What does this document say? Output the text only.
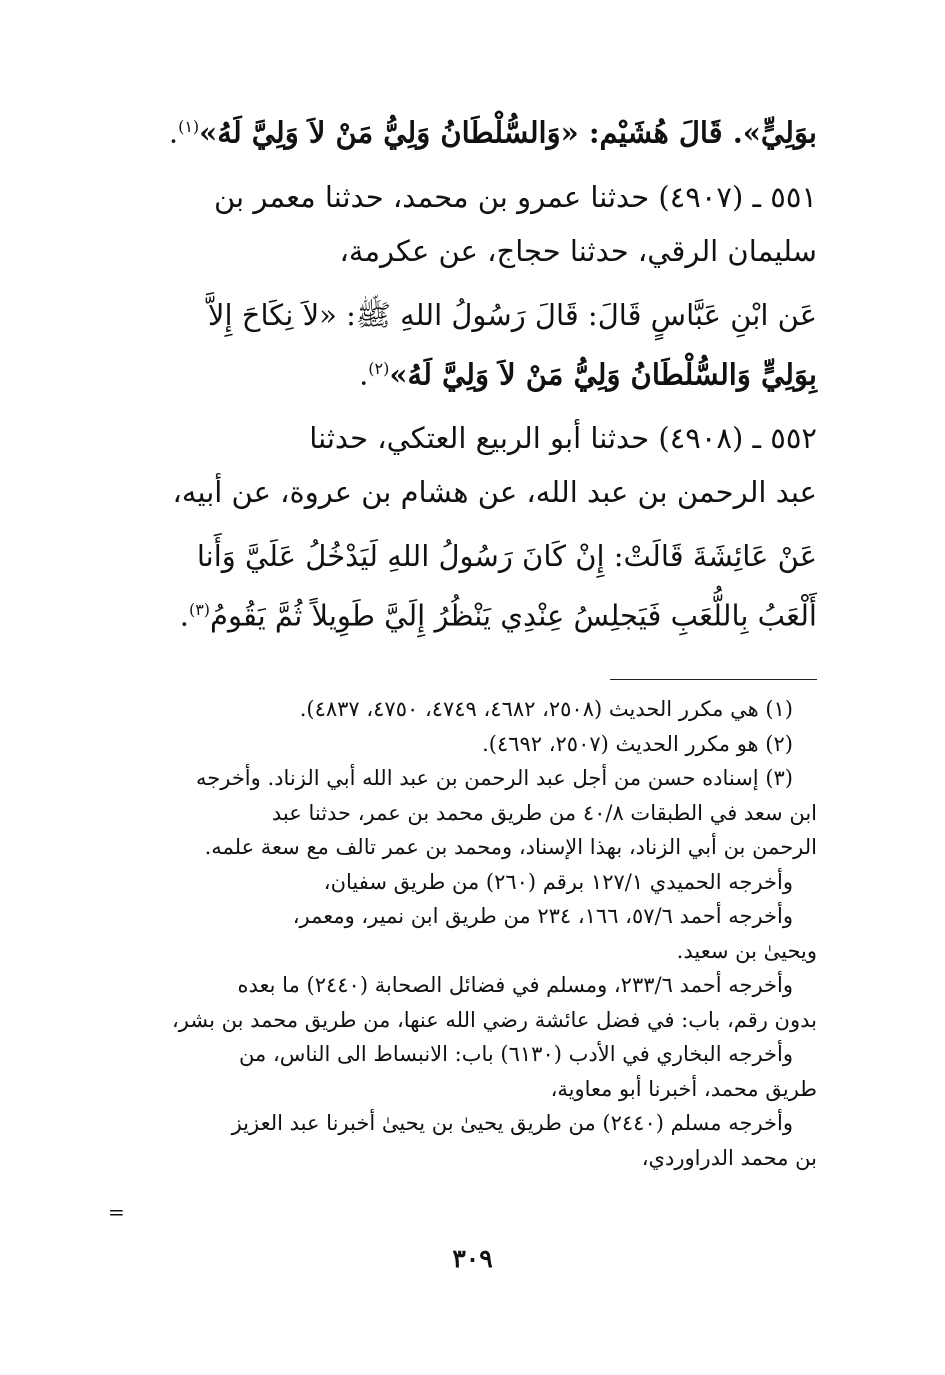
بوَلِيٍّ». قَالَ هُشَيْم: «وَالسُّلْطَانُ وَلِيُّ مَنْ لاَ وَلِيَّ لَهُ»$^{(١)}$.

٥٥١ ـ (٤٩٠٧) حدثنا عمرو بن محمد، حدثنا معمر بن

سليمان الرقي، حدثنا حجاج، عن عكرمة،

عَن ابْنِ عَبَّاسٍ قَالَ: قَالَ رَسُولُ اللهِ ﷺ: «لاَ نِكَاحَ إِلاَّ

بِوَلِيٍّ وَالسُّلْطَانُ وَلِيُّ مَنْ لاَ وَلِيَّ لَهُ»$^{(٢)}$.

٥٥٢ ـ (٤٩٠٨) حدثنا أبو الربيع العتكي، حدثنا

عبد الرحمن بن عبد الله، عن هشام بن عروة، عن أبيه،

عَنْ عَائِشَةَ قَالَتْ: إِنْ كَانَ رَسُولُ اللهِ لَيَدْخُلُ عَلَيَّ وَأَنا

أَلْعَبُ بِاللُّعَبِ فَيَجلِسُ عِنْدِي يَنْظُرُ إِلَيَّ طَوِيلاً ثُمَّ يَقُومُ$^{(٣)}$.

(١) هي مكرر الحديث (٢٥٠٨، ٤٦٨٢، ٤٧٤٩، ٤٧٥٠، ٤٨٣٧).

(٢) هو مكرر الحديث (٢٥٠٧، ٤٦٩٢).

(٣) إسناده حسن من أجل عبد الرحمن بن عبد الله أبي الزناد. وأخرجه

ابن سعد في الطبقات ٤٠/٨ من طريق محمد بن عمر، حدثنا عبد

الرحمن بن أبي الزناد، بهذا الإسناد، ومحمد بن عمر تالف مع سعة علمه.

وأخرجه الحميدي ١٢٧/١ برقم (٢٦٠) من طريق سفيان،

وأخرجه أحمد ٥٧/٦، ١٦٦، ٢٣٤ من طريق ابن نمير، ومعمر،

ويحيىٰ بن سعيد.

وأخرجه أحمد ٢٣٣/٦، ومسلم في فضائل الصحابة (٢٤٤٠) ما بعده

بدون رقم، باب: في فضل عائشة رضي الله عنها، من طريق محمد بن بشر،

وأخرجه البخاري في الأدب (٦١٣٠) باب: الانبساط الى الناس، من

طريق محمد، أخبرنا أبو معاوية،

وأخرجه مسلم (٢٤٤٠) من طريق يحيىٰ بن يحيىٰ أخبرنا عبد العزيز

بن محمد الدراوردي،

=
٣٠٩
